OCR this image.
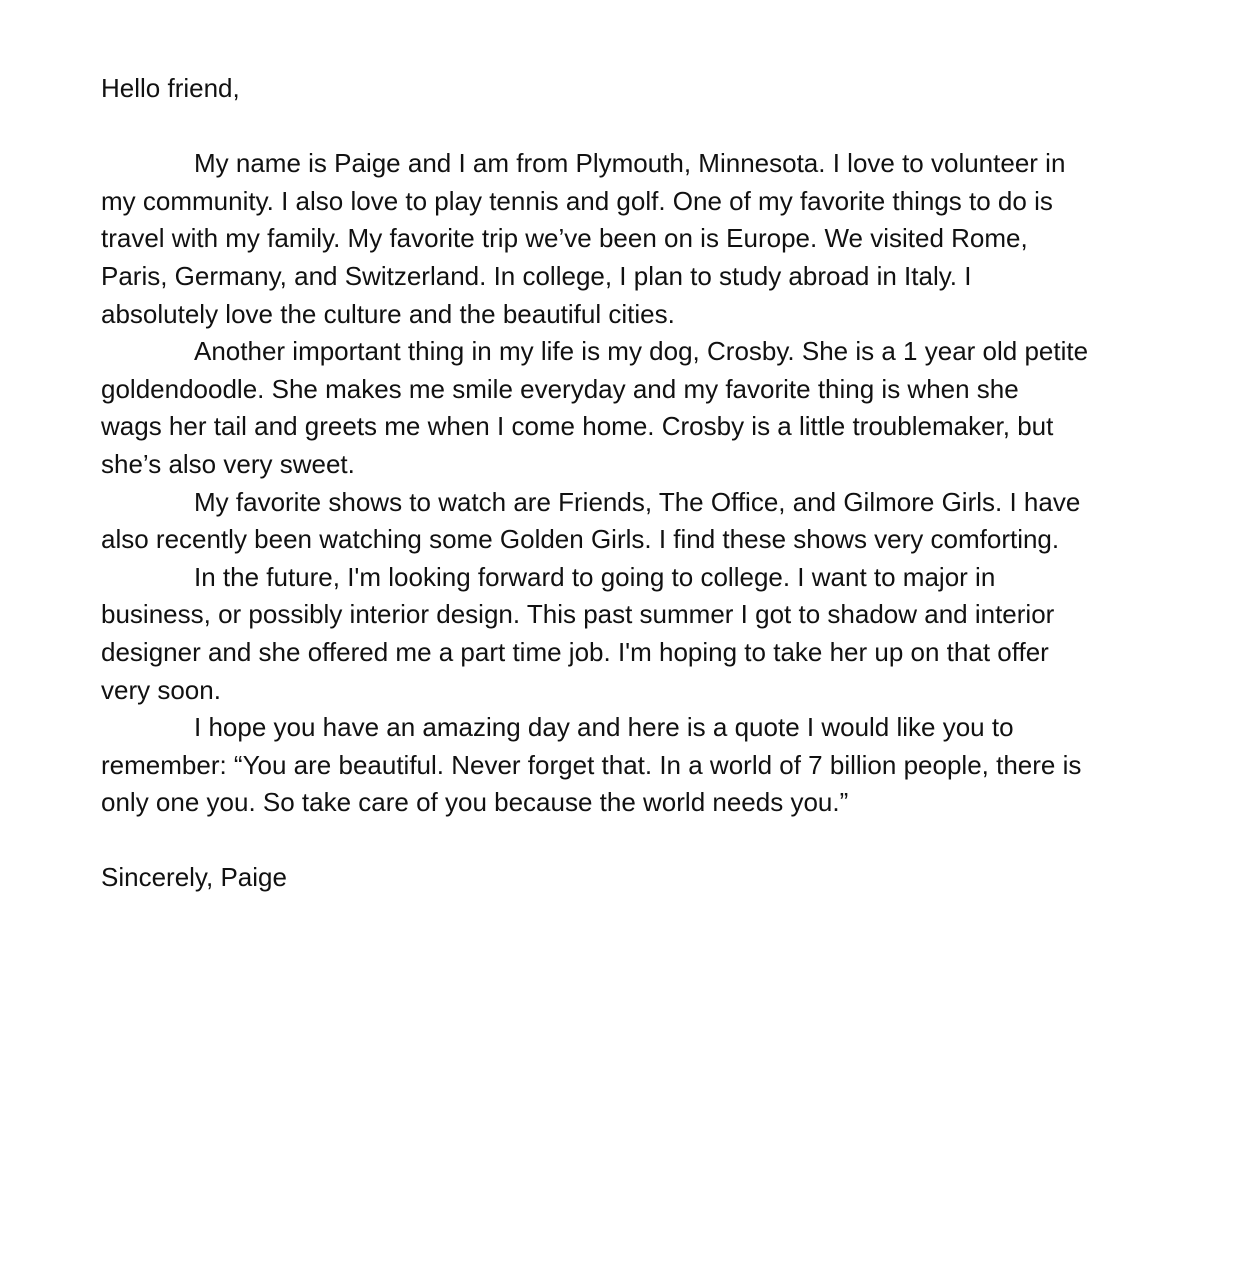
Hello friend,

My name is Paige and I am from Plymouth, Minnesota. I love to volunteer in
my community. I also love to play tennis and golf. One of my favorite things to do is
travel with my family. My favorite trip we’ve been on is Europe. We visited Rome,
Paris, Germany, and Switzerland. In college, I plan to study abroad in Italy. I
absolutely love the culture and the beautiful cities.

Another important thing in my life is my dog, Crosby. She is a 1 year old petite
goldendoodle. She makes me smile everyday and my favorite thing is when she
wags her tail and greets me when I come home. Crosby is a little troublemaker, but
she’s also very sweet.

My favorite shows to watch are Friends, The Office, and Gilmore Girls. I have
also recently been watching some Golden Girls. I find these shows very comforting.

In the future, I'm looking forward to going to college. I want to major in
business, or possibly interior design. This past summer I got to shadow and interior
designer and she offered me a part time job. I'm hoping to take her up on that offer
very soon.

I hope you have an amazing day and here is a quote I would like you to
remember: “You are beautiful. Never forget that. In a world of 7 billion people, there is
only one you. So take care of you because the world needs you.”

Sincerely, Paige
